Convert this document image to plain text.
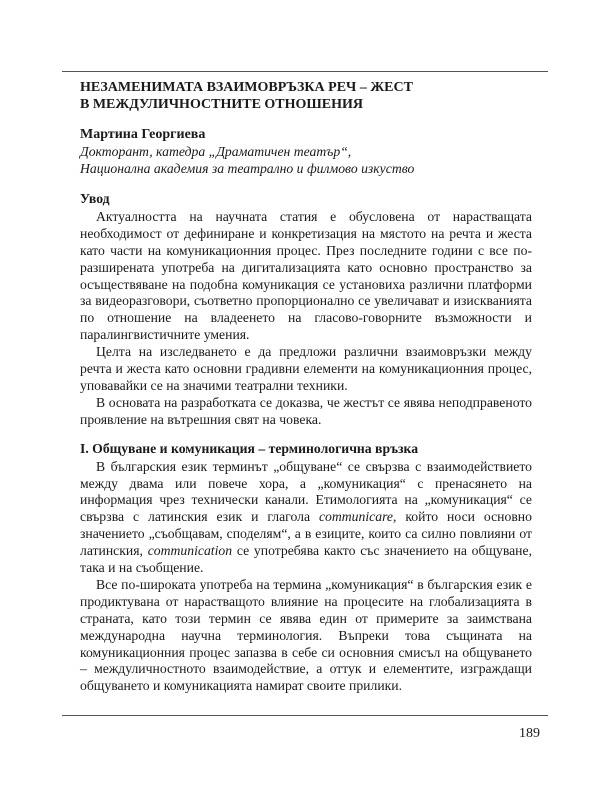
НЕЗАМЕНИМАТА ВЗАИМОВРЪЗКА РЕЧ – ЖЕСТ
В МЕЖДУЛИЧНОСТНИТЕ ОТНОШЕНИЯ

Мартина Георгиева

Докторант, катедра „Драматичен театър“,

Национална академия за театрално и филмово изкуство

Увод

Актуалността на научната статия е обусловена от нарастващата необходимост от дефиниране и конкретизация на мястото на речта и жеста като части на комуникационния процес. През последните години с все по-разширената употреба на дигитализацията като основно пространство за осъществяване на подобна комуникация се установиха различни платформи за видеоразговори, съответно пропорционално се увеличават и изискванията по отношение на владеенето на гласово-говорните възможности и паралингвистичните умения.

Целта на изследването е да предложи различни взаимовръзки между речта и жеста като основни градивни елементи на комуникационния процес, уповавайки се на значими театрални техники.

В основата на разработката се доказва, че жестът се явява неподправеното проявление на вътрешния свят на човека.

I. Общуване и комуникация – терминологична връзка

В българския език терминът „общуване“ се свързва с взаимодействието между двама или повече хора, а „комуникация“ с пренасянето на информация чрез технически канали. Етимологията на „комуникация“ се свързва с латинския език и глагола communicare, който носи основно значението „съобщавам, споделям“, а в езиците, които са силно повлияни от латинския, communication се употребява както със значението на общуване, така и на съобщение.

Все по-широката употреба на термина „комуникация“ в българския език е продиктувана от нарастващото влияние на процесите на глобализацията в страната, като този термин се явява един от примерите за заимствана международна научна терминология. Въпреки това същината на комуникационния процес запазва в себе си основния смисъл на общуването – междуличностното взаимодействие, а оттук и елементите, изграждащи общуването и комуникацията намират своите прилики.

189
